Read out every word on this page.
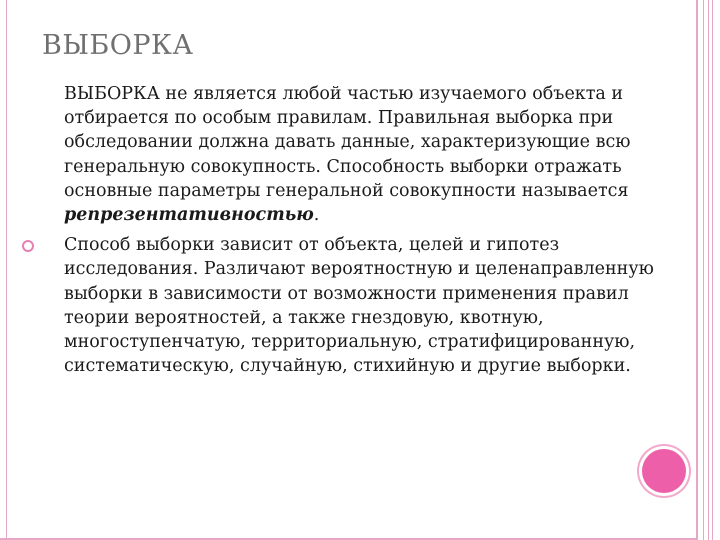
ВЫБОРКА

ВЫБОРКА не является любой частью изучаемого объекта и отбирается по особым правилам. Правильная выборка при обследовании должна давать данные, характеризующие всю генеральную совокупность. Способность выборки отражать основные параметры генеральной совокупности называется репрезентативностью.

Способ выборки зависит от объекта, целей и гипотез исследования. Различают вероятностную и целенаправленную выборки в зависимости от возможности применения правил теории вероятностей, а также гнездовую, квотную, многоступенчатую, территориальную, стратифицированную, систематическую, случайную, стихийную и другие выборки.
